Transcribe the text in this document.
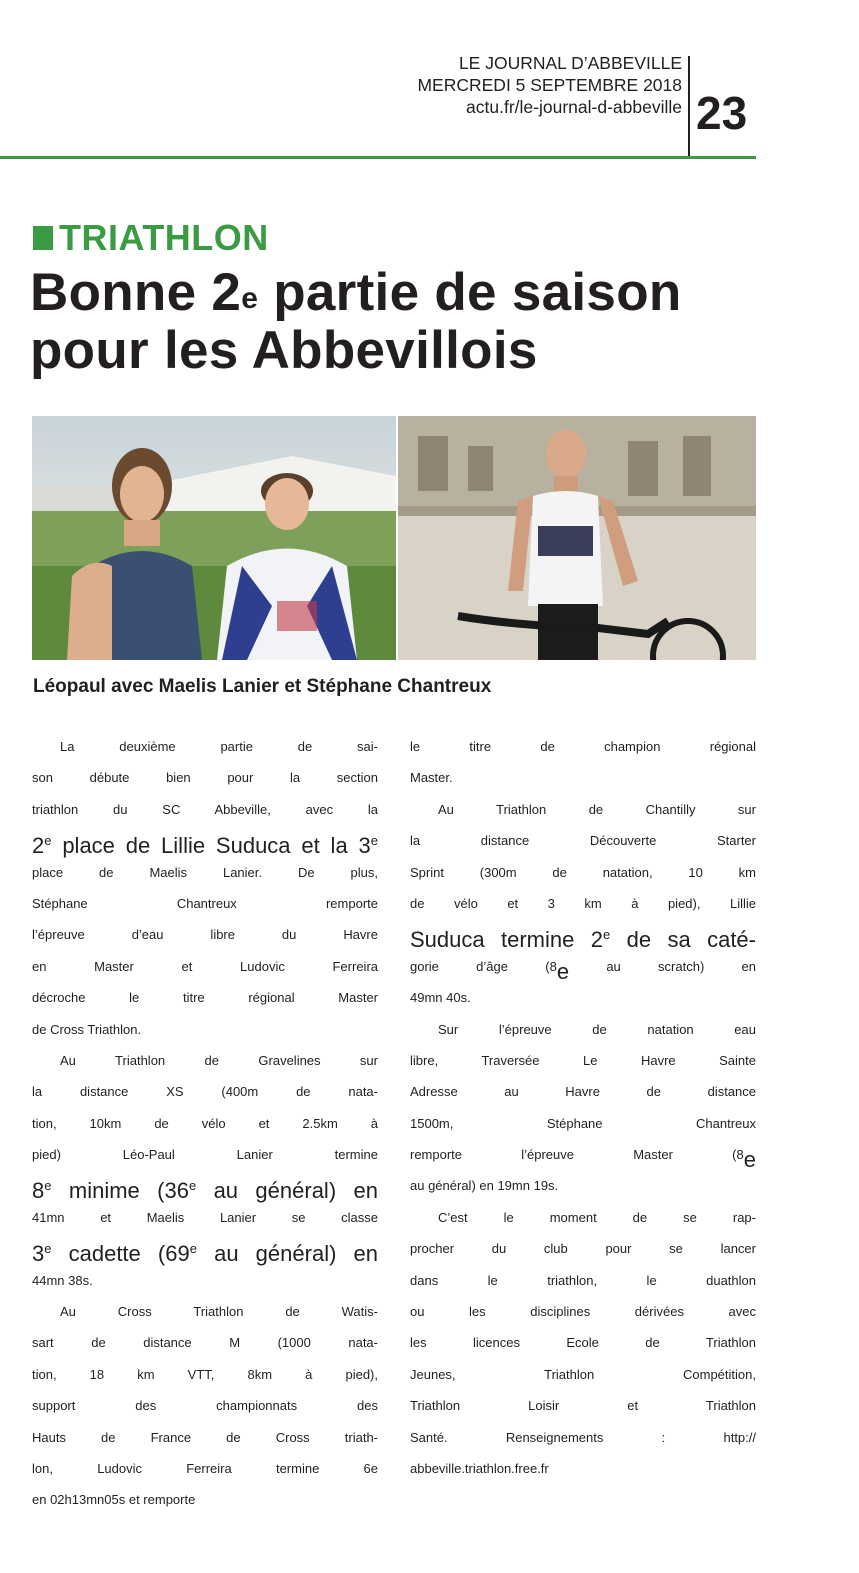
LE JOURNAL D’ABBEVILLE
MERCREDI 5 SEPTEMBRE 2018
actu.fr/le-journal-d-abbeville 23
TRIATHLON
Bonne 2e partie de saison
pour les Abbevillois
Léopaul avec Maelis Lanier et Stéphane Chantreux
$^{La deuxième partie de sai-}$
$^{son débute bien pour la section}$
$^{triathlon du SC Abbeville, avec la}$
2e place de Lillie Suduca et la 3e
$^{place de Maelis Lanier. De plus,}$
$^{Stéphane Chantreux remporte}$
$^{l’épreuve d’eau libre du Havre}$
$^{en Master et Ludovic Ferreira}$
$^{décroche le titre régional Master}$
$^{de Cross Triathlon.}$
$^{Au Triathlon de Gravelines sur}$
$^{la distance XS (400m de nata-}$
$^{tion, 10km de vélo et 2.5km à}$
$^{pied) Léo-Paul Lanier termine}$
8e minime (36e au général) en
$^{41mn et Maelis Lanier se classe}$
3e cadette (69e au général) en
$^{44mn 38s.}$
$^{Au Cross Triathlon de Watis-}$
$^{sart de distance M (1000 nata-}$
$^{tion, 18 km VTT, 8km à pied),}$
$^{support des championnats des}$
$^{Hauts de France de Cross triath-}$
$^{lon, Ludovic Ferreira termine 6e}$
$^{en 02h13mn05s et remporte}$
$^{le titre de champion régional}$
$^{Master.}$
$^{Au Triathlon de Chantilly sur}$
$^{la distance Découverte Starter}$
$^{Sprint (300m de natation, 10 km}$
$^{de vélo et 3 km à pied), Lillie}$
Suduca termine 2e de sa caté-
$^{gorie d’âge (8}$e $^{au scratch) en}$
$^{49mn 40s.}$
$^{Sur l’épreuve de natation eau}$
$^{libre, Traversée Le Havre Sainte}$
$^{Adresse au Havre de distance}$
$^{1500m, Stéphane Chantreux}$
$^{remporte l’épreuve Master (8}$e
$^{au général) en 19mn 19s.}$
$^{C’est le moment de se rap-}$
$^{procher du club pour se lancer}$
$^{dans le triathlon, le duathlon}$
$^{ou les disciplines dérivées avec}$
$^{les licences Ecole de Triathlon}$
$^{Jeunes, Triathlon Compétition,}$
$^{Triathlon Loisir et Triathlon}$
$^{Santé. Renseignements : http://}$
$^{abbeville.triathlon.free.fr}$
